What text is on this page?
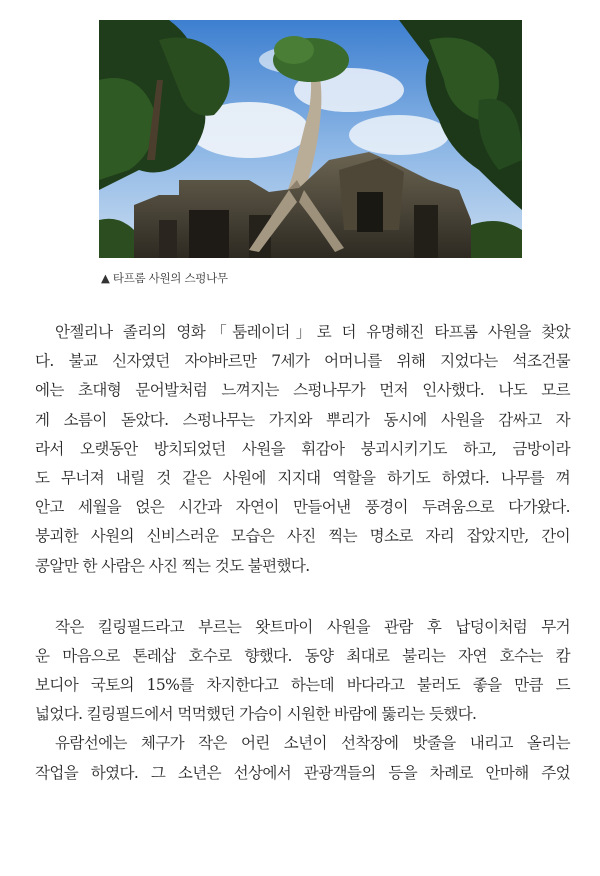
▲ 타프롬 사원의 스펑나무
안젤리나 졸리의 영화「툼레이더」로 더 유명해진 타프롬 사원을 찾았
다. 불교 신자였던 자야바르만 7세가 어머니를 위해 지었다는 석조건물
에는 초대형 문어발처럼 느껴지는 스펑나무가 먼저 인사했다. 나도 모르
게 소름이 돋았다. 스펑나무는 가지와 뿌리가 동시에 사원을 감싸고 자
라서 오랫동안 방치되었던 사원을 휘감아 붕괴시키기도 하고, 금방이라
도 무너져 내릴 것 같은 사원에 지지대 역할을 하기도 하였다. 나무를 껴
안고 세월을 얹은 시간과 자연이 만들어낸 풍경이 두려움으로 다가왔다.
붕괴한 사원의 신비스러운 모습은 사진 찍는 명소로 자리 잡았지만, 간이
콩알만 한 사람은 사진 찍는 것도 불편했다.
작은 킬링필드라고 부르는 왓트마이 사원을 관람 후 납덩이처럼 무거
운 마음으로 톤레삽 호수로 향했다. 동양 최대로 불리는 자연 호수는 캄
보디아 국토의 15%를 차지한다고 하는데 바다라고 불러도 좋을 만큼 드
넓었다. 킬링필드에서 먹먹했던 가슴이 시원한 바람에 뚫리는 듯했다.
유람선에는 체구가 작은 어린 소년이 선착장에 밧줄을 내리고 올리는
작업을 하였다. 그 소년은 선상에서 관광객들의 등을 차례로 안마해 주었
